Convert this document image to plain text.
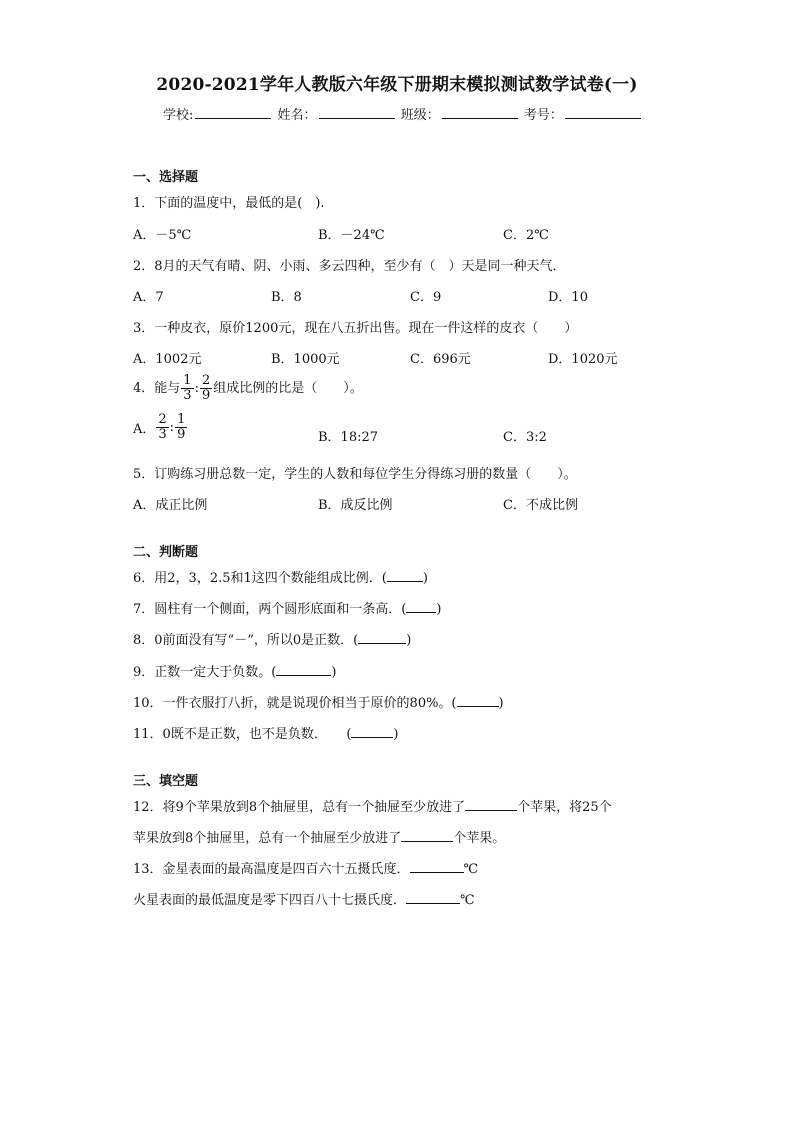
2020-2021学年人教版六年级下册期末模拟测试数学试卷(一)
学校:	姓名：	班级：	考号：
一、选择题
1．下面的温度中，最低的是(　).
A．－5℃	B．－24℃	C．2℃
2．8月的天气有晴、阴、小雨、多云四种，至少有（　）天是同一种天气．
A．7	B．8	C．9	D．10
3．一种皮衣，原价1200元，现在八五折出售。现在一件这样的皮衣（　　）
A．1002元	B．1000元	C．696元	D．1020元
4．能与 $\frac{1}{3}$ : $\frac{2}{9}$ 组成比例的比是（　　）。
A． $\frac{2}{3}$ : $\frac{1}{9}$	B．18:27	C．3:2
5．订购练习册总数一定，学生的人数和每位学生分得练习册的数量（　　）。
A．成正比例	B．成反比例	C．不成比例
二、判断题
6．用2，3，2.5和1这四个数能组成比例．(	)
7．圆柱有一个侧面，两个圆形底面和一条高．( )
8．0前面没有写“－”，所以0是正数．(	)
9．正数一定大于负数。(	)
10．一件衣服打八折，就是说现价相当于原价的80%。(	)
11．0既不是正数，也不是负数．　　(	)
三、填空题
12．将9个苹果放到8个抽屉里，总有一个抽屉至少放进了	个苹果，将25个
苹果放到8个抽屉里，总有一个抽屉至少放进了	个苹果。
13．金星表面的最高温度是四百六十五摄氏度．	℃
火星表面的最低温度是零下四百八十七摄氏度．	℃
